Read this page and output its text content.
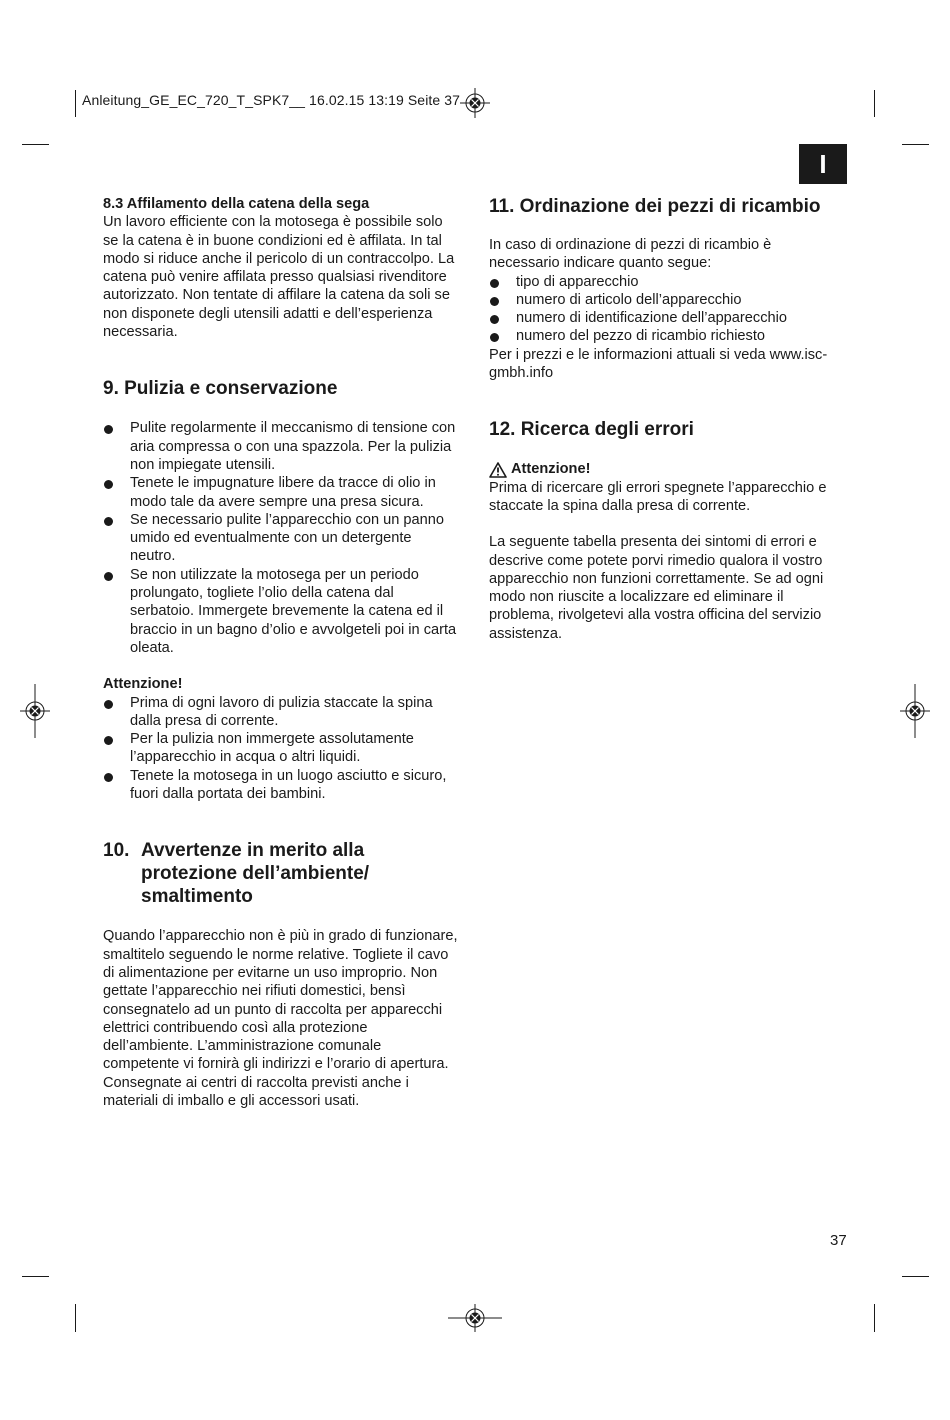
Anleitung_GE_EC_720_T_SPK7__ 16.02.15 13:19 Seite 37
I

8.3 Affilamento della catena della sega

Un lavoro efficiente con la motosega è possibile solo se la catena è in buone condizioni ed è affilata. In tal modo si riduce anche il pericolo di un contraccolpo. La catena può venire affilata presso qualsiasi rivenditore autorizzato. Non tentate di affilare la catena da soli se non disponete degli utensili adatti e dell’esperienza necessaria.

9. Pulizia e conservazione
Pulite regolarmente il meccanismo di tensione con aria compressa o con una spazzola. Per la pulizia non impiegate utensili.
Tenete le impugnature libere da tracce di olio in modo tale da avere sempre una presa sicura.
Se necessario pulite l’apparecchio con un panno umido ed eventualmente con un detergente neutro.
Se non utilizzate la motosega per un periodo prolungato, togliete l’olio della catena dal serbatoio. Immergete brevemente la catena ed il braccio in un bagno d’olio e avvolgeteli poi in carta oleata.

Attenzione!

Prima di ogni lavoro di pulizia staccate la spina dalla presa di corrente.
Per la pulizia non immergete assolutamente l’apparecchio in acqua o altri liquidi.
Tenete la motosega in un luogo asciutto e sicuro, fuori dalla portata dei bambini.
10. Avvertenze in merito alla protezione dell’ambiente/ smaltimento

Quando l’apparecchio non è più in grado di funzionare, smaltitelo seguendo le norme relative. Togliete il cavo di alimentazione per evitarne un uso improprio. Non gettate l’apparecchio nei rifiuti domestici, bensì consegnatelo ad un punto di raccolta per apparecchi elettrici contribuendo così alla protezione dell’ambiente. L’amministrazione comunale competente vi fornirà gli indirizzi e l’orario di apertura. Consegnate ai centri di raccolta previsti anche i materiali di imballo e gli accessori usati.

11. Ordinazione dei pezzi di ricambio

In caso di ordinazione di pezzi di ricambio è necessario indicare quanto segue:

tipo di apparecchio
numero di articolo dell’apparecchio
numero di identificazione dell’apparecchio
numero del pezzo di ricambio richiesto

Per i prezzi e le informazioni attuali si veda www.isc-gmbh.info

12. Ricerca degli errori
Attenzione!

Prima di ricercare gli errori spegnete l’apparecchio e staccate la spina dalla presa di corrente.

La seguente tabella presenta dei sintomi di errori e descrive come potete porvi rimedio qualora il vostro apparecchio non funzioni correttamente. Se ad ogni modo non riuscite a localizzare ed eliminare il problema, rivolgetevi alla vostra officina del servizio assistenza.

37
